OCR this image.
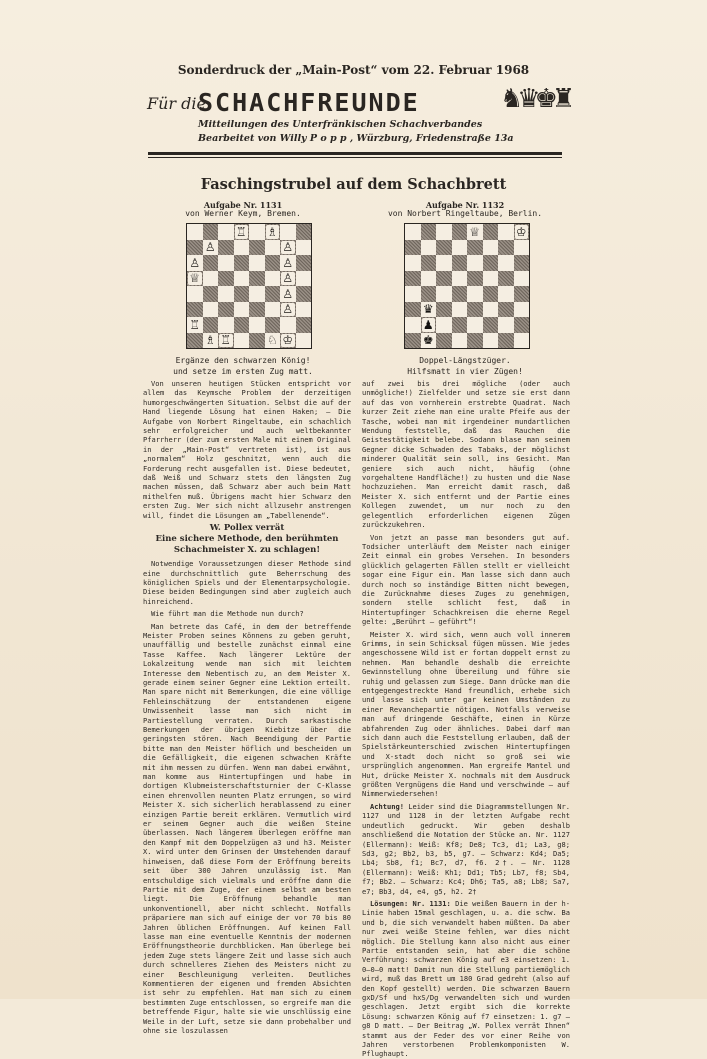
Sonderdruck der „Main-Post“ vom 22. Februar 1968
Für die
SCHACHFREUNDE	♞♛♚♜
Mitteilungen des Unterfränkischen Schachverbandes
Bearbeitet von Willy P o p p , Würzburg, Friedenstraße 13a
Faschingstrubel auf dem Schachbrett
Aufgabe Nr. 1131
von Werner Keym, Bremen.
♖ ♗
♙	♙
♙	♙
♕	♙
♙
♙
♗	♘ ♔
♖
♖
Ergänze den schwarzen König!
und setze im ersten Zug matt.
Aufgabe Nr. 1132
von Norbert Ringeltaube, Berlin.
♕	♔
♛
♟
♚
Doppel-Längstzüger.
Hilfsmatt in vier Zügen!

Von unseren heutigen Stücken entspricht vor allem das Keymsche Problem der derzeitigen humorgeschwängerten Situation. Selbst die auf der Hand liegende Lösung hat einen Haken; — Die Aufgabe von Norbert Ringeltaube, ein schachlich sehr erfolgreicher und auch weltbekannter Pfarrherr (der zum ersten Male mit einem Original in der „Main-Post“ vertreten ist), ist aus „normalem“ Holz geschnitzt, wenn auch die Forderung recht ausgefallen ist. Diese bedeutet, daß Weiß und Schwarz stets den längsten Zug machen müssen, daß Schwarz aber auch beim Matt mithelfen muß. Übrigens macht hier Schwarz den ersten Zug. Wer sich nicht allzusehr anstrengen will, findet die Lösungen am „Tabellenende“.

W. Pollex verrät
Eine sichere Methode, den berühmten
Schachmeister X. zu schlagen!

Notwendige Voraussetzungen dieser Methode sind eine durchschnittlich gute Beherrschung des königlichen Spiels und der Elementarpsychologie. Diese beiden Bedingungen sind aber zugleich auch hinreichend.

Wie führt man die Methode nun durch?

Man betrete das Café, in dem der betreffende Meister Proben seines Könnens zu geben geruht, unauffällig und bestelle zunächst einmal eine Tasse Kaffee. Nach längerer Lektüre der Lokalzeitung wende man sich mit leichtem Interesse dem Nebentisch zu, an dem Meister X. gerade einem seiner Gegner eine Lektion erteilt. Man spare nicht mit Bemerkungen, die eine völlige Fehleinschätzung der entstandenen eigene Unwissenheit lasse man sich nicht im Partiestellung verraten. Durch sarkastische Bemerkungen der übrigen Kiebitze über die geringsten stören. Nach Beendigung der Partie bitte man den Meister höflich und bescheiden um die Gefälligkeit, die eigenen schwachen Kräfte mit ihm messen zu dürfen. Wenn man dabei erwähnt, man komme aus Hintertupfingen und habe im dortigen Klubmeisterschaftsturnier der C-Klasse einen ehrenvollen neunten Platz errungen, so wird Meister X. sich sicherlich herablassend zu einer einzigen Partie bereit erklären. Vermutlich wird er seinem Gegner auch die weißen Steine überlassen. Nach längerem Überlegen eröffne man den Kampf mit dem Doppelzügen a3 und h3. Meister X. wird unter dem Grinsen der Umstehenden darauf hinweisen, daß diese Form der Eröffnung bereits seit über 300 Jahren unzulässig ist. Man entschuldige sich vielmals und eröffne dann die Partie mit dem Zuge, der einem selbst am besten liegt. Die Eröffnung behandle man unkonventionell, aber nicht schlecht. Notfalls präpariere man sich auf einige der vor 70 bis 80 Jahren üblichen Eröffnungen. Auf keinen Fall lasse man eine eventuelle Kenntnis der modernen Eröffnungstheorie durchblicken. Man überlege bei jedem Zuge stets längere Zeit und lasse sich auch durch schnelleres Ziehen des Meisters nicht zu einer Beschleunigung verleiten. Deutliches Kommentieren der eigenen und fremden Absichten ist sehr zu empfehlen. Hat man sich zu einem bestimmten Zuge entschlossen, so ergreife man die betreffende Figur, halte sie wie unschlüssig eine Weile in der Luft, setze sie dann probehalber und ohne sie loszulassen

auf zwei bis drei mögliche (oder auch unmögliche!) Zielfelder und setze sie erst dann auf das von vornherein erstrebte Quadrat. Nach kurzer Zeit ziehe man eine uralte Pfeife aus der Tasche, wobei man mit irgendeiner mundartlichen Wendung feststelle, daß das Rauchen die Geistestätigkeit belebe. Sodann blase man seinem Gegner dicke Schwaden des Tabaks, der möglichst minderer Qualität sein soll, ins Gesicht. Man geniere sich auch nicht, häufig (ohne vorgehaltene Handfläche!) zu husten und die Nase hochzuziehen. Man erreicht damit rasch, daß Meister X. sich entfernt und der Partie eines Kollegen zuwendet, um nur noch zu den gelegentlich erforderlichen eigenen Zügen zurückzukehren.

Von jetzt an passe man besonders gut auf. Todsicher unterläuft dem Meister nach einiger Zeit einmal ein grobes Versehen. In besonders glücklich gelagerten Fällen stellt er vielleicht sogar eine Figur ein. Man lasse sich dann auch durch noch so inständige Bitten nicht bewegen, die Zurücknahme dieses Zuges zu genehmigen, sondern stelle schlicht fest, daß in Hintertupfinger Schachkreisen die eherne Regel gelte: „Berührt — geführt“!

Meister X. wird sich, wenn auch voll innerem Grimms, in sein Schicksal fügen müssen. Wie jedes angeschossene Wild ist er fortan doppelt ernst zu nehmen. Man behandle deshalb die erreichte Gewinnstellung ohne Übereilung und führe sie ruhig und gelassen zum Siege. Dann drücke man die entgegengestreckte Hand freundlich, erhebe sich und lasse sich unter gar keinen Umständen zu einer Revanchepartie nötigen. Notfalls verweise man auf dringende Geschäfte, einen in Kürze abfahrenden Zug oder ähnliches. Dabei darf man sich dann auch die Feststellung erlauben, daß der Spielstärkeunterschied zwischen Hintertupfingen und X-stadt doch nicht so groß sei wie ursprünglich angenommen. Man ergreife Mantel und Hut, drücke Meister X. nochmals mit dem Ausdruck größten Vergnügens die Hand und verschwinde — auf Nimmerwiedersehen!

Achtung! Leider sind die Diagrammstellungen Nr. 1127 und 1128 in der letzten Aufgabe recht undeutlich gedruckt. Wir geben deshalb anschließend die Notation der Stücke an. Nr. 1127 (Ellermann): Weiß: Kf8; De8; Tc3, d1; La3, g8; Sd3, g2; Bb2, b3, b5, g7. — Schwarz: Kd4; Da5; Lb4; Sb8, f1; Bc7, d7, f6. 2†. — Nr. 1128 (Ellermann): Weiß: Kh1; Dd1; Tb5; Lb7, f8; Sb4, f7; Bb2. — Schwarz: Kc4; Dh6; Ta5, a8; Lb8; Sa7, e7; Bb3, d4, e4, g5, h2. 2†

Lösungen: Nr. 1131: Die weißen Bauern in der h-Linie haben 15mal geschlagen, u. a. die schw. Ba und b, die sich verwandelt haben müßten. Da aber nur zwei weiße Steine fehlen, war dies nicht möglich. Die Stellung kann also nicht aus einer Partie entstanden sein, hat aber die schöne Verführung: schwarzen König auf e3 einsetzen: 1. 0—0—0 matt! Damit nun die Stellung partiemöglich wird, muß das Brett um 180 Grad gedreht (also auf den Kopf gestellt) werden. Die schwarzen Bauern gxD/Sf und hxS/Dg verwandelten sich und wurden geschlagen. Jetzt ergibt sich die korrekte Lösung: schwarzen König auf f7 einsetzen: 1. g7 — g8 D matt. — Der Beitrag „W. Pollex verrät Ihnen“ stammt aus der Feder des vor einer Reihe von Jahren verstorbenen Problemkomponisten W. Pflughaupt.
